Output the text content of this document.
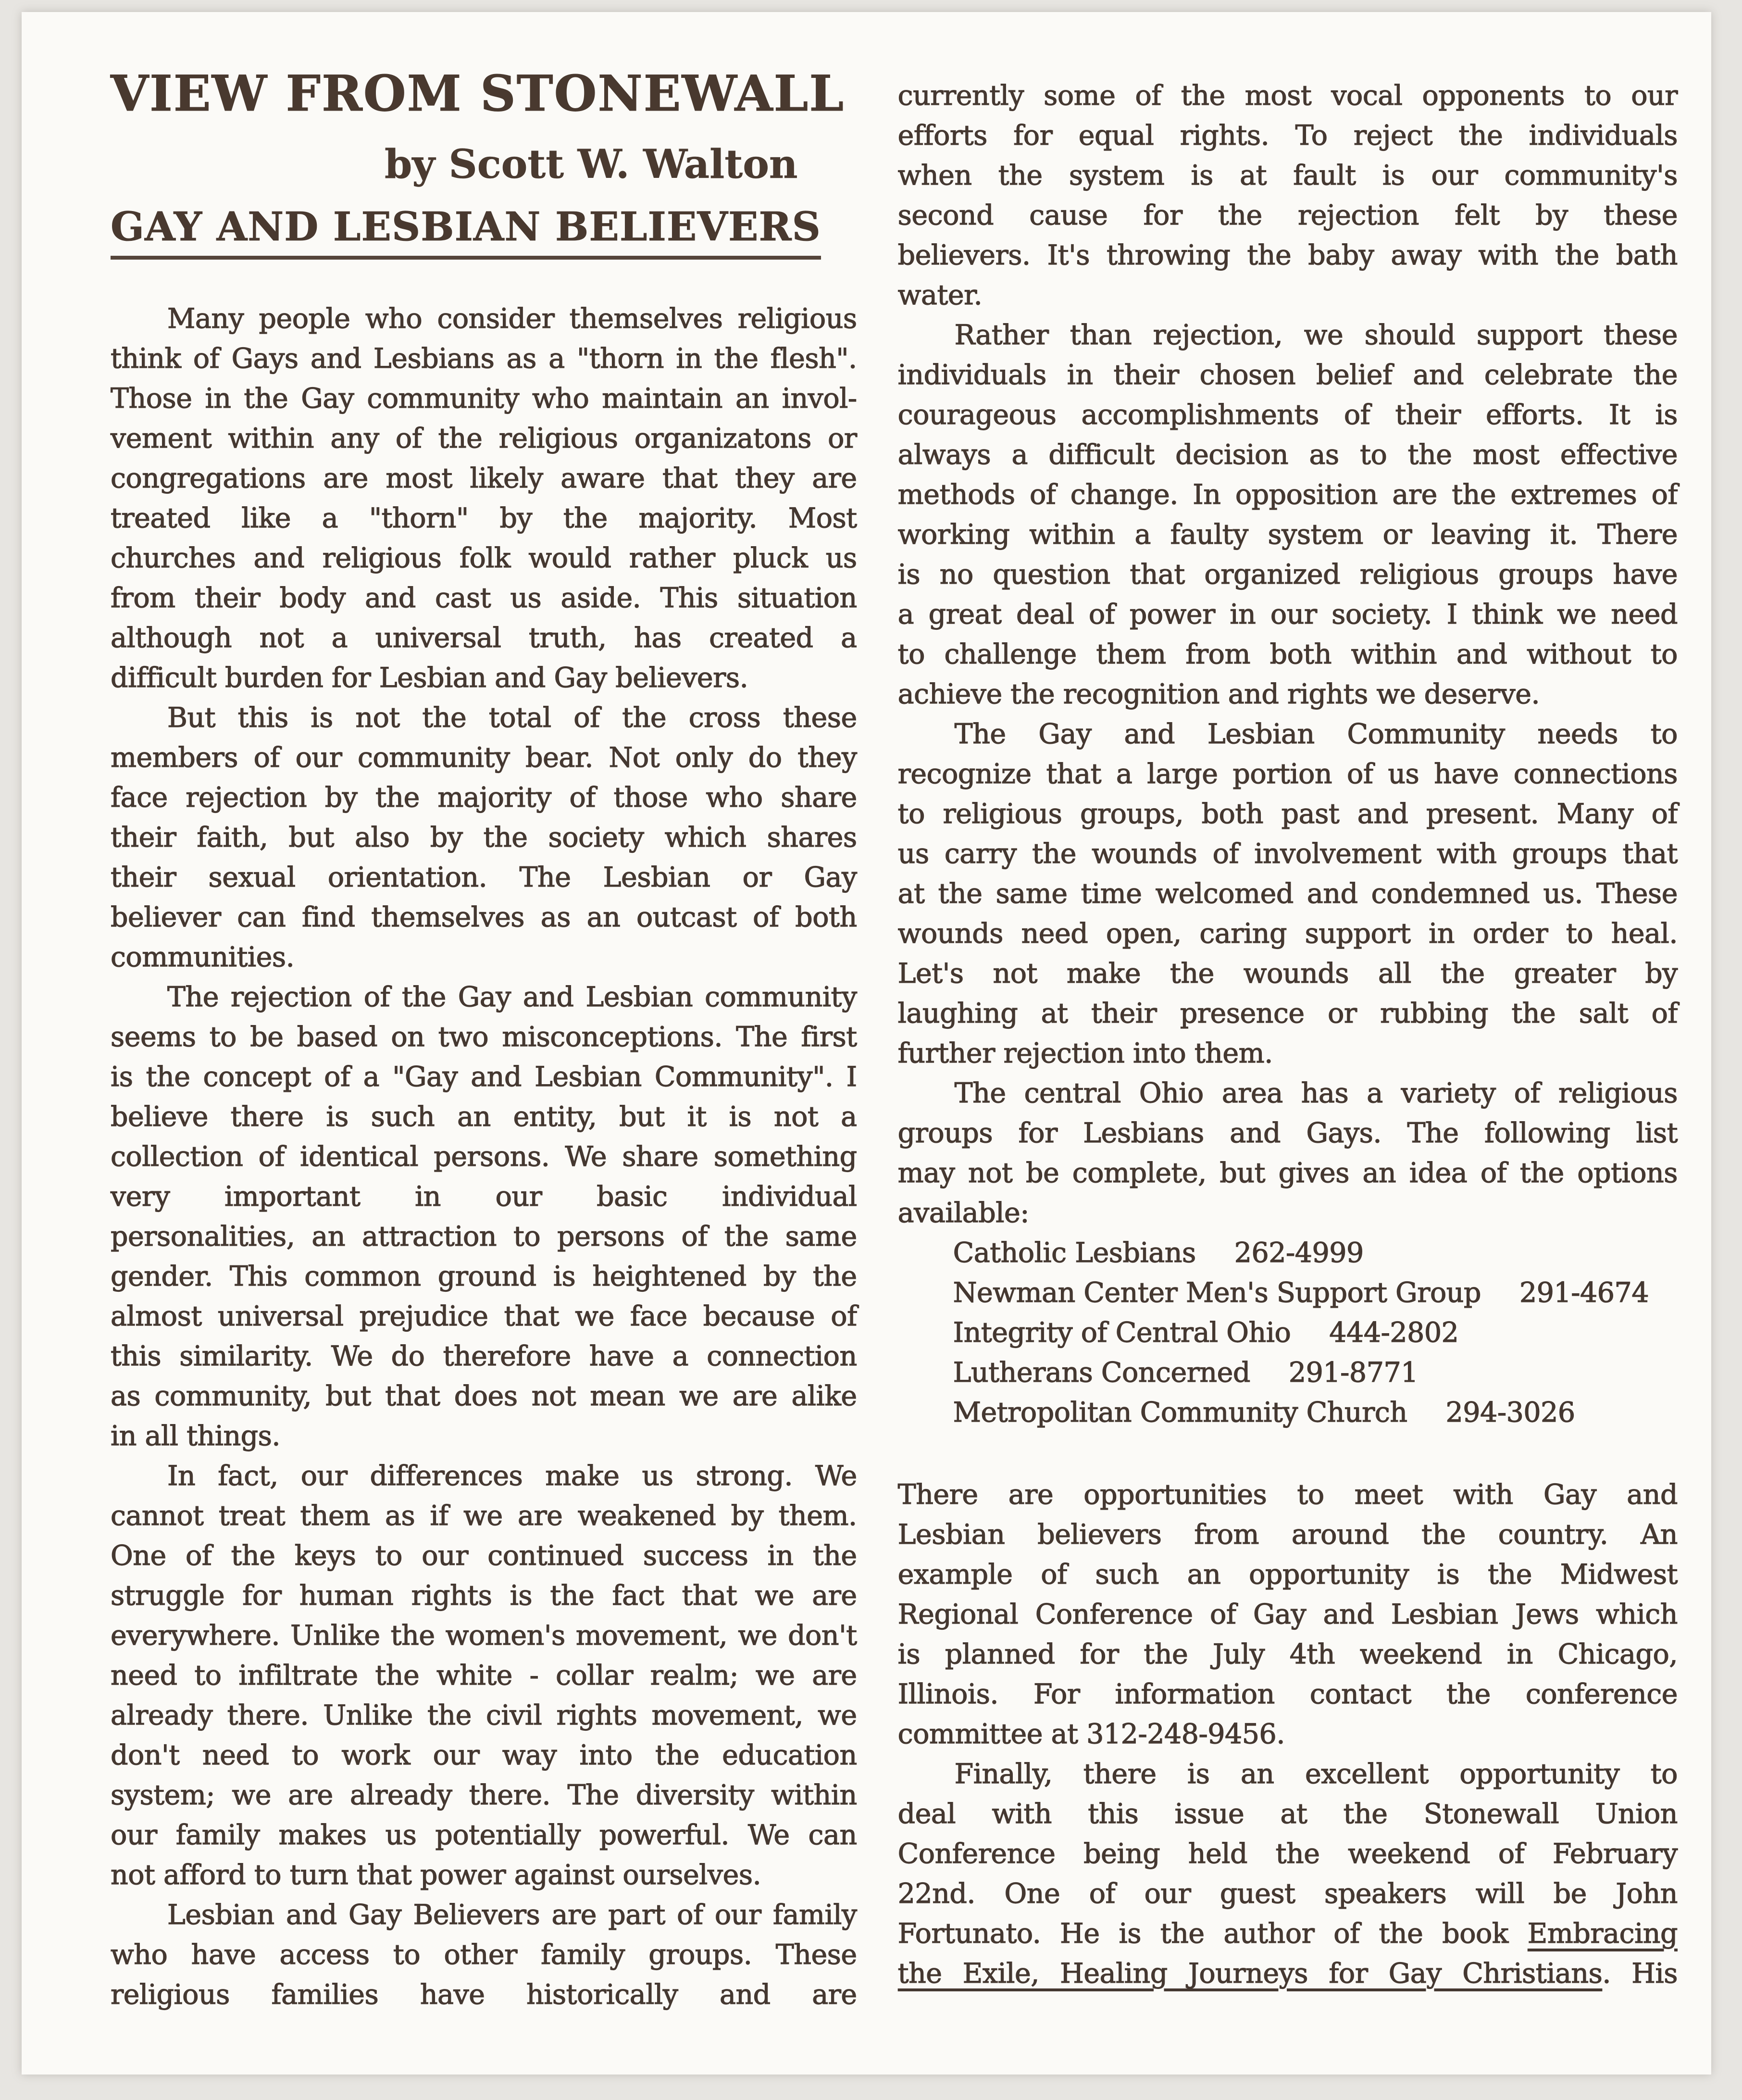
VIEW FROM STONEWALL
by Scott W. Walton
GAY AND LESBIAN BELIEVERS
Many people who consider themselves religious
think of Gays and Lesbians as a "thorn in the flesh".
Those in the Gay community who maintain an invol-
vement within any of the religious organizatons or
congregations are most likely aware that they are
treated like a "thorn" by the majority. Most
churches and religious folk would rather pluck us
from their body and cast us aside. This situation
although not a universal truth, has created a
difficult burden for Lesbian and Gay believers.
But this is not the total of the cross these
members of our community bear. Not only do they
face rejection by the majority of those who share
their faith, but also by the society which shares
their sexual orientation. The Lesbian or Gay
believer can find themselves as an outcast of both
communities.
The rejection of the Gay and Lesbian community
seems to be based on two misconceptions. The first
is the concept of a "Gay and Lesbian Community". I
believe there is such an entity, but it is not a
collection of identical persons. We share something
very important in our basic individual
personalities, an attraction to persons of the same
gender. This common ground is heightened by the
almost universal prejudice that we face because of
this similarity. We do therefore have a connection
as community, but that does not mean we are alike
in all things.
In fact, our differences make us strong. We
cannot treat them as if we are weakened by them.
One of the keys to our continued success in the
struggle for human rights is the fact that we are
everywhere. Unlike the women's movement, we don't
need to infiltrate the white - collar realm; we are
already there. Unlike the civil rights movement, we
don't need to work our way into the education
system; we are already there. The diversity within
our family makes us potentially powerful. We can
not afford to turn that power against ourselves.
Lesbian and Gay Believers are part of our family
who have access to other family groups. These
religious families have historically and are
currently some of the most vocal opponents to our
efforts for equal rights. To reject the individuals
when the system is at fault is our community's
second cause for the rejection felt by these
believers. It's throwing the baby away with the bath
water.
Rather than rejection, we should support these
individuals in their chosen belief and celebrate the
courageous accomplishments of their efforts. It is
always a difficult decision as to the most effective
methods of change. In opposition are the extremes of
working within a faulty system or leaving it. There
is no question that organized religious groups have
a great deal of power in our society. I think we need
to challenge them from both within and without to
achieve the recognition and rights we deserve.
The Gay and Lesbian Community needs to
recognize that a large portion of us have connections
to religious groups, both past and present. Many of
us carry the wounds of involvement with groups that
at the same time welcomed and condemned us. These
wounds need open, caring support in order to heal.
Let's not make the wounds all the greater by
laughing at their presence or rubbing the salt of
further rejection into them.
The central Ohio area has a variety of religious
groups for Lesbians and Gays. The following list
may not be complete, but gives an idea of the options
available:
Catholic Lesbians 262-4999
Newman Center Men's Support Group 291-4674
Integrity of Central Ohio 444-2802
Lutherans Concerned 291-8771
Metropolitan Community Church 294-3026
There are opportunities to meet with Gay and
Lesbian believers from around the country. An
example of such an opportunity is the Midwest
Regional Conference of Gay and Lesbian Jews which
is planned for the July 4th weekend in Chicago,
Illinois. For information contact the conference
committee at 312-248-9456.
Finally, there is an excellent opportunity to
deal with this issue at the Stonewall Union
Conference being held the weekend of February
22nd. One of our guest speakers will be John
Fortunato. He is the author of the book Embracing
the Exile, Healing Journeys for Gay Christians. His
